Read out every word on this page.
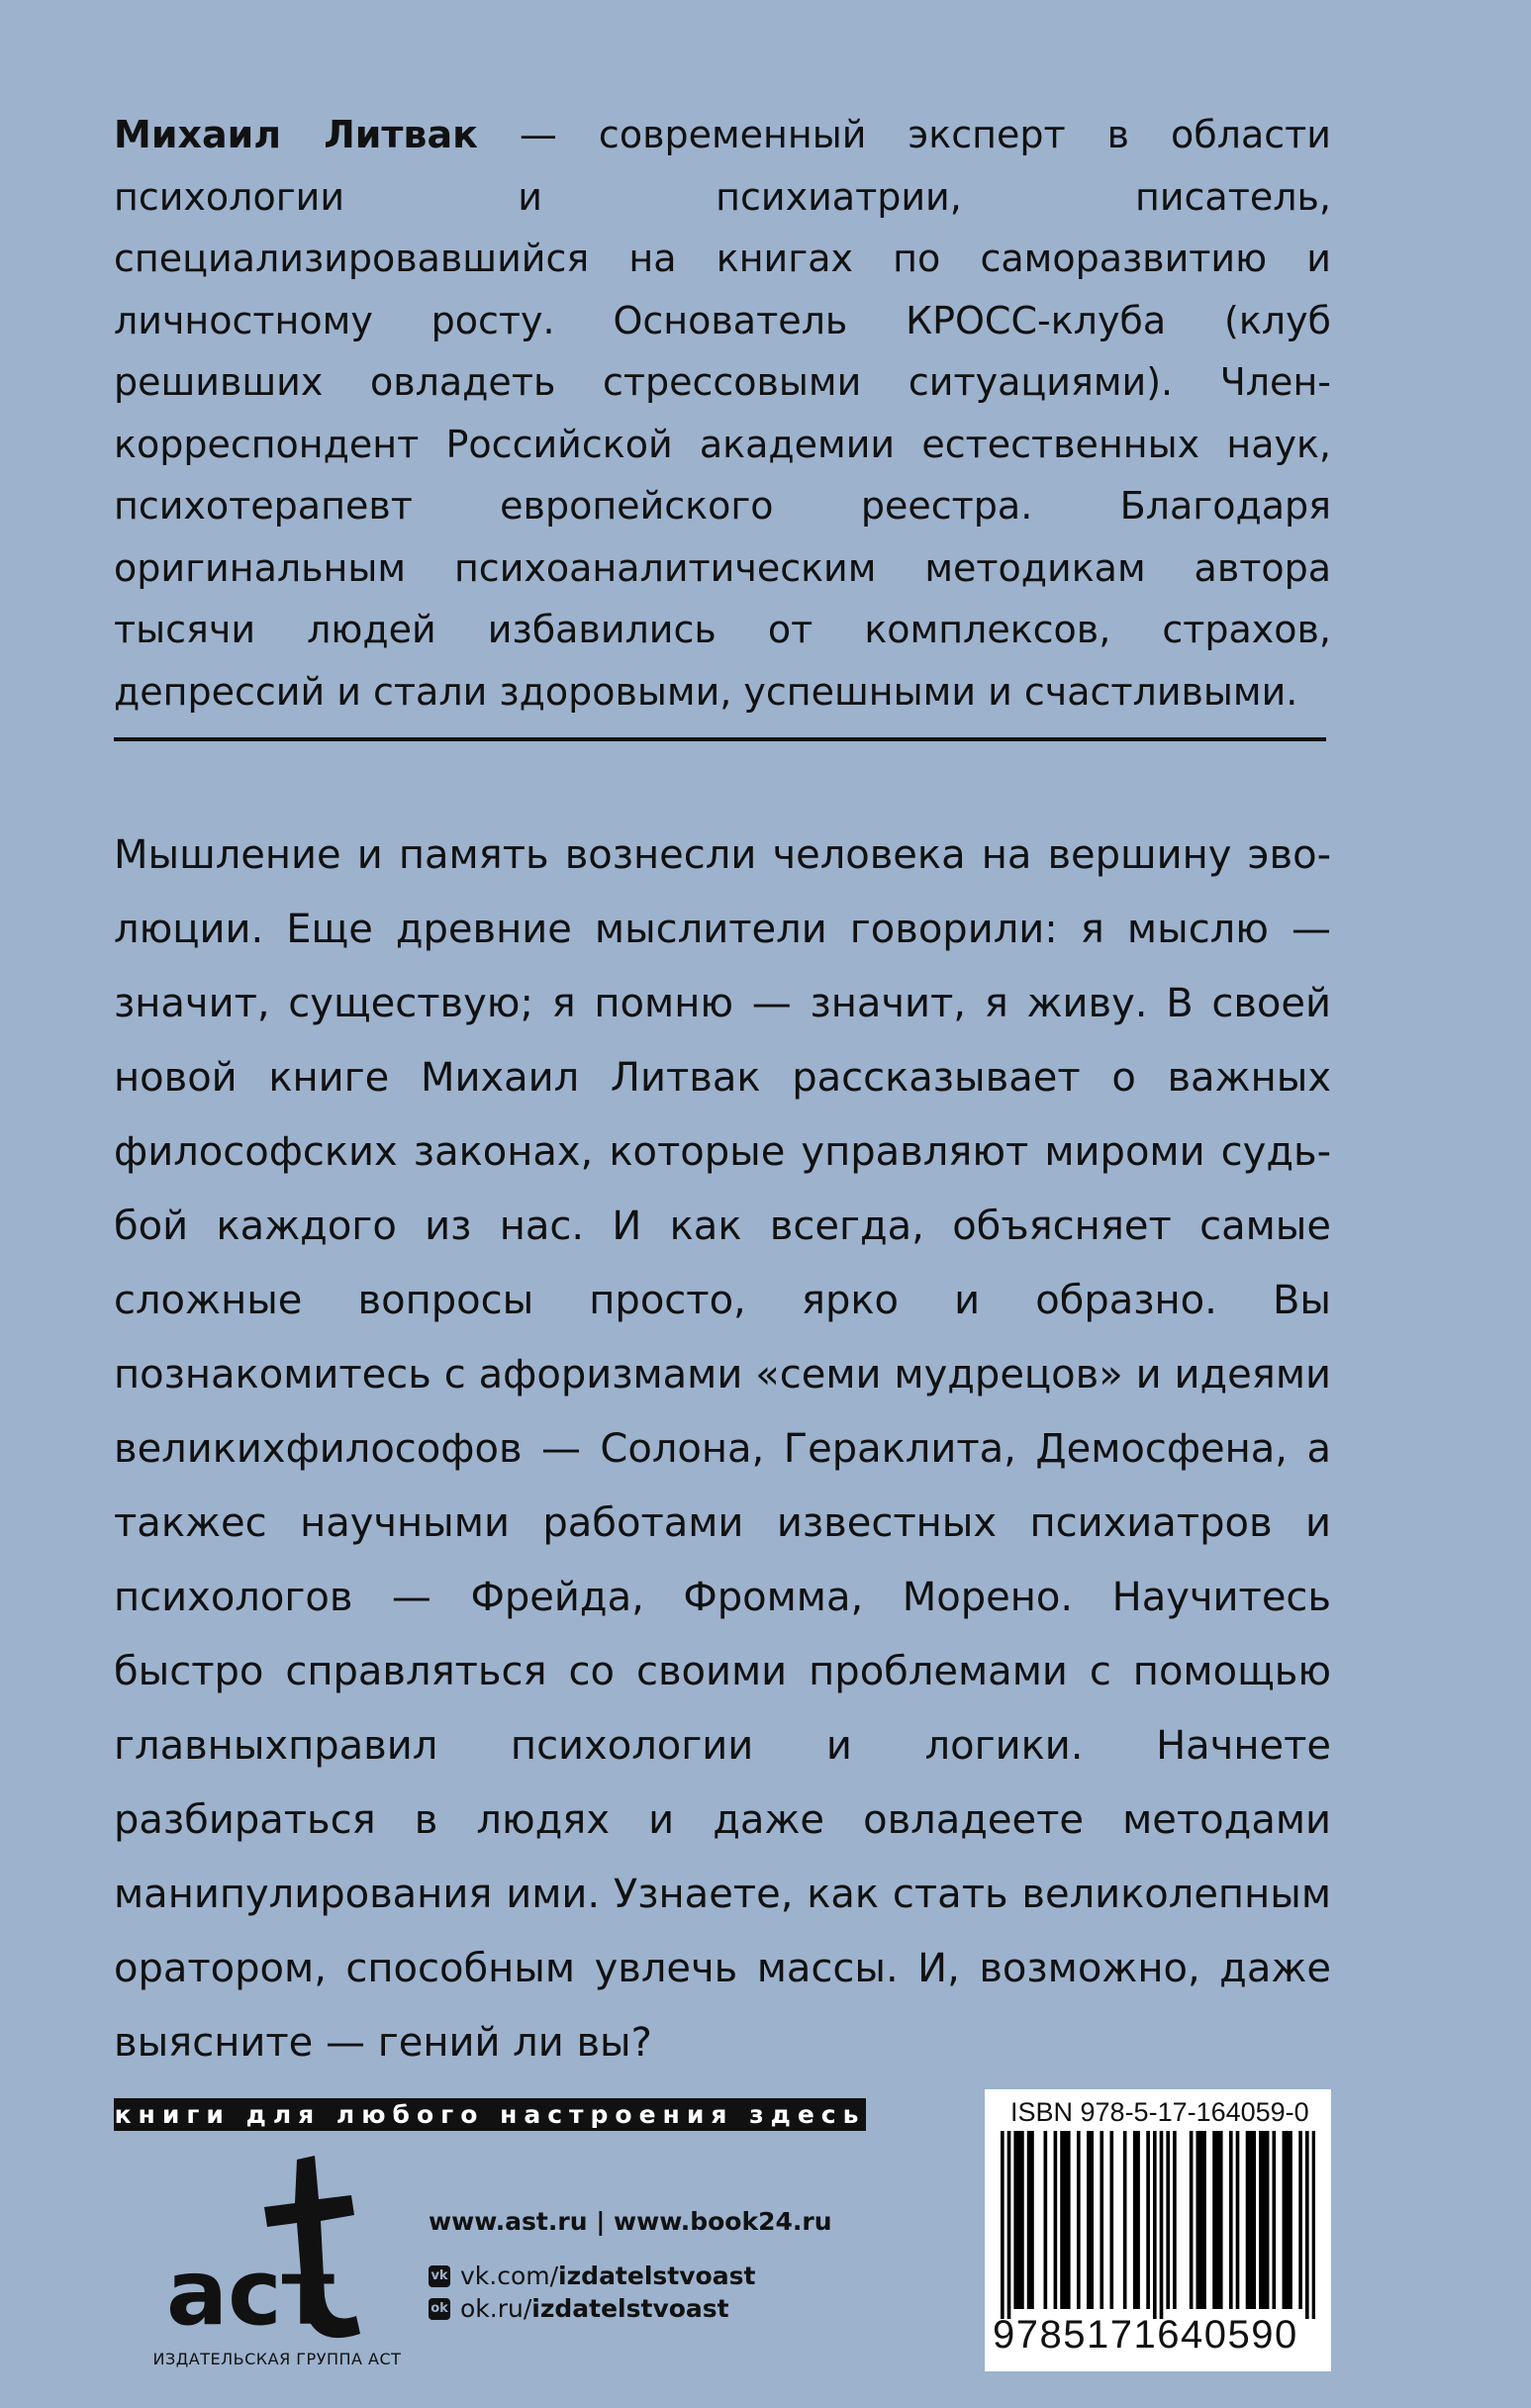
Михаил Литвак — современный эксперт в области психологии и психиатрии, писатель, специализировавшийся на книгах по саморазвитию и личностному росту. Основатель КРОСС-клуба (клуб решивших овладеть стрессовыми ситуациями). Член-корреспондент Российской академии естественных наук, психотерапевт европейского реестра. Благодаря оригинальным психоаналитическим методикам автора тысячи людей избавились от комплексов, страхов, депрессий и стали здоровыми, успешными и счастливыми.

Мышление и память вознесли человека на вершину эволюции. Еще древние мыслители говорили: я мыслю — значит, существую; я помню — значит, я живу. В своей новой книге Михаил Литвак рассказывает о важных философских законах, которые управляют мироми судьбой каждого из нас. И как всегда, объясняет самые сложные вопросы просто, ярко и образно. Вы познакомитесь с афоризмами «семи мудрецов» и идеями великихфилософов — Солона, Гераклита, Демосфена, а такжес научными работами известных психиатров и психологов — Фрейда, Фромма, Морено. Научитесь быстро справляться со своими проблемами с помощью главныхправил психологии и логики. Начнете разбираться в людях и даже овладеете методами манипулирования ими. Узнаете, как стать великолепным оратором, способным увлечь массы. И, возможно, даже выясните — гений ли вы?

книги для любого настроения здесь
аст
ИЗДАТЕЛЬСКАЯ ГРУППА АСТ
www.ast.ru | www.book24.ru
vk vk.com/ izdatelstvoast
ok ok.ru/ izdatelstvoast
ISBN 978-5-17-164059-0
9785171640590
